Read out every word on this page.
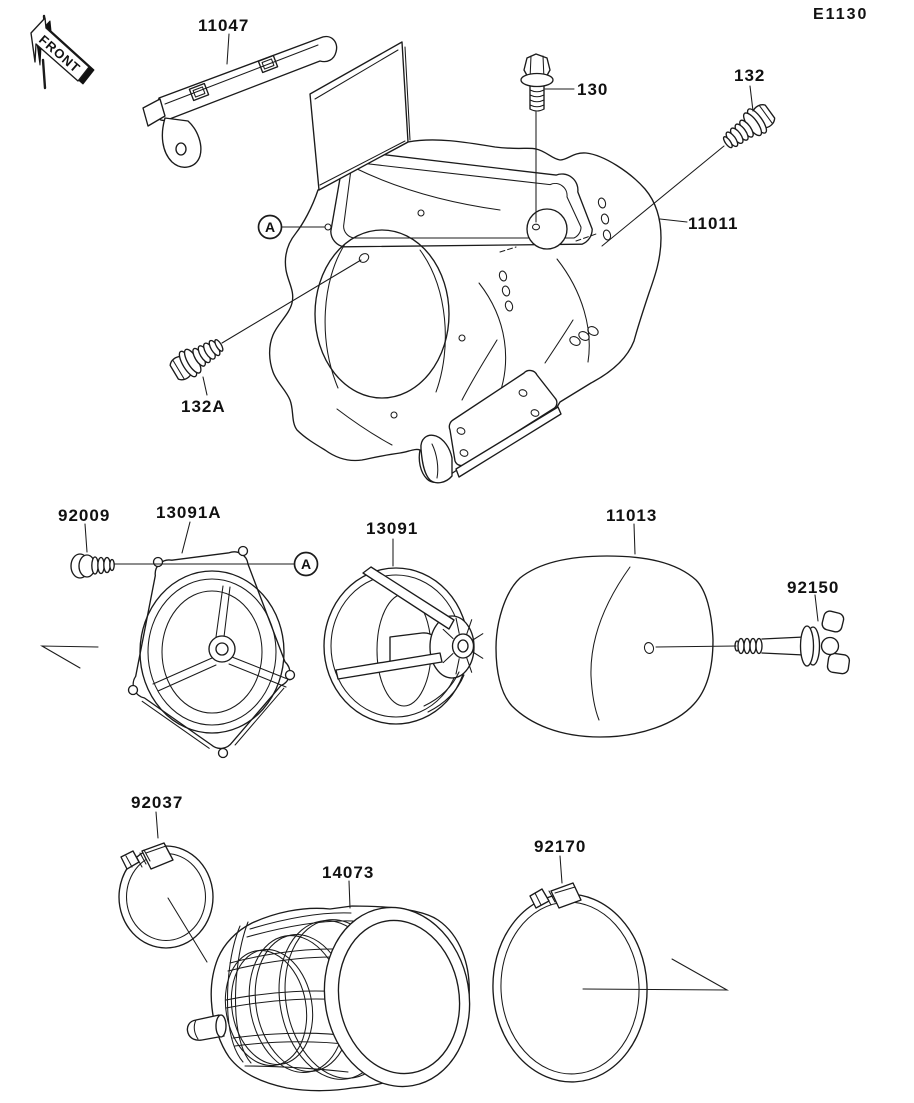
FRONT
E1130
A
A
11047
130
132
11011
132A
92009	13091A
13091
11013
92150
92037
14073
92170
